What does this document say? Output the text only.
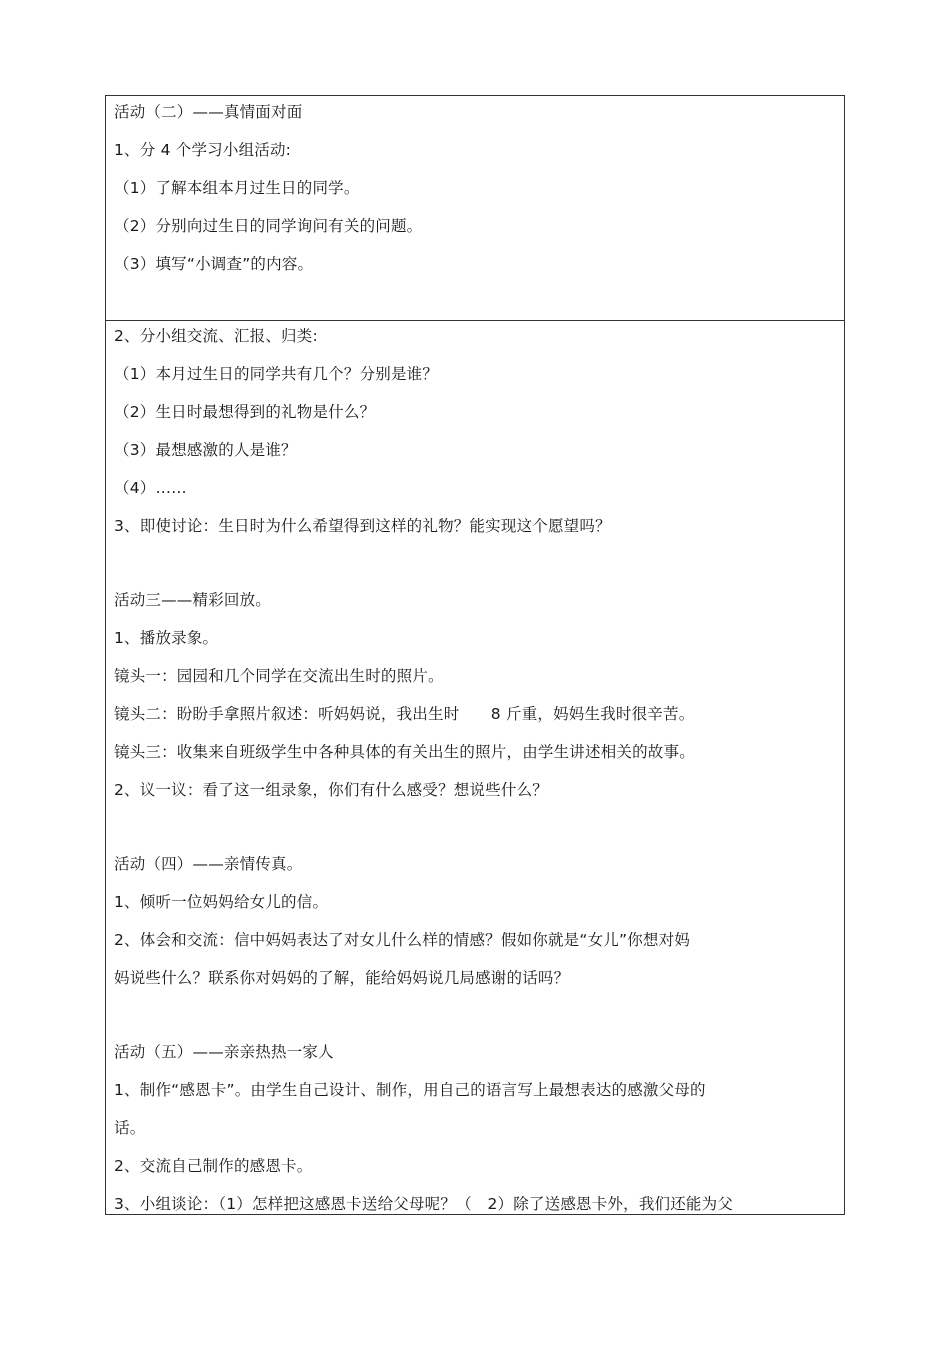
活动（二）——真情面对面
1、分 4 个学习小组活动:
（1）了解本组本月过生日的同学。
（2）分别向过生日的同学询问有关的问题。
（3）填写“小调查”的内容。
2、分小组交流、汇报、归类:
（1）本月过生日的同学共有几个？分别是谁？
（2）生日时最想得到的礼物是什么？
（3）最想感激的人是谁？
（4）……
3、即使讨论：生日时为什么希望得到这样的礼物？能实现这个愿望吗？
活动三——精彩回放。
1、播放录象。
镜头一：园园和几个同学在交流出生时的照片。
镜头二：盼盼手拿照片叙述：听妈妈说，我出生时　　8 斤重，妈妈生我时很辛苦。
镜头三：收集来自班级学生中各种具体的有关出生的照片，由学生讲述相关的故事。
2、议一议：看了这一组录象，你们有什么感受？想说些什么？
活动（四）——亲情传真。
1、倾听一位妈妈给女儿的信。
2、体会和交流：信中妈妈表达了对女儿什么样的情感？假如你就是“女儿”你想对妈
妈说些什么？联系你对妈妈的了解，能给妈妈说几局感谢的话吗？
活动（五）——亲亲热热一家人
1、制作“感恩卡”。由学生自己设计、制作，用自己的语言写上最想表达的感激父母的
话。
2、交流自己制作的感恩卡。
3、小组谈论：（1）怎样把这感恩卡送给父母呢？（　2）除了送感恩卡外，我们还能为父
